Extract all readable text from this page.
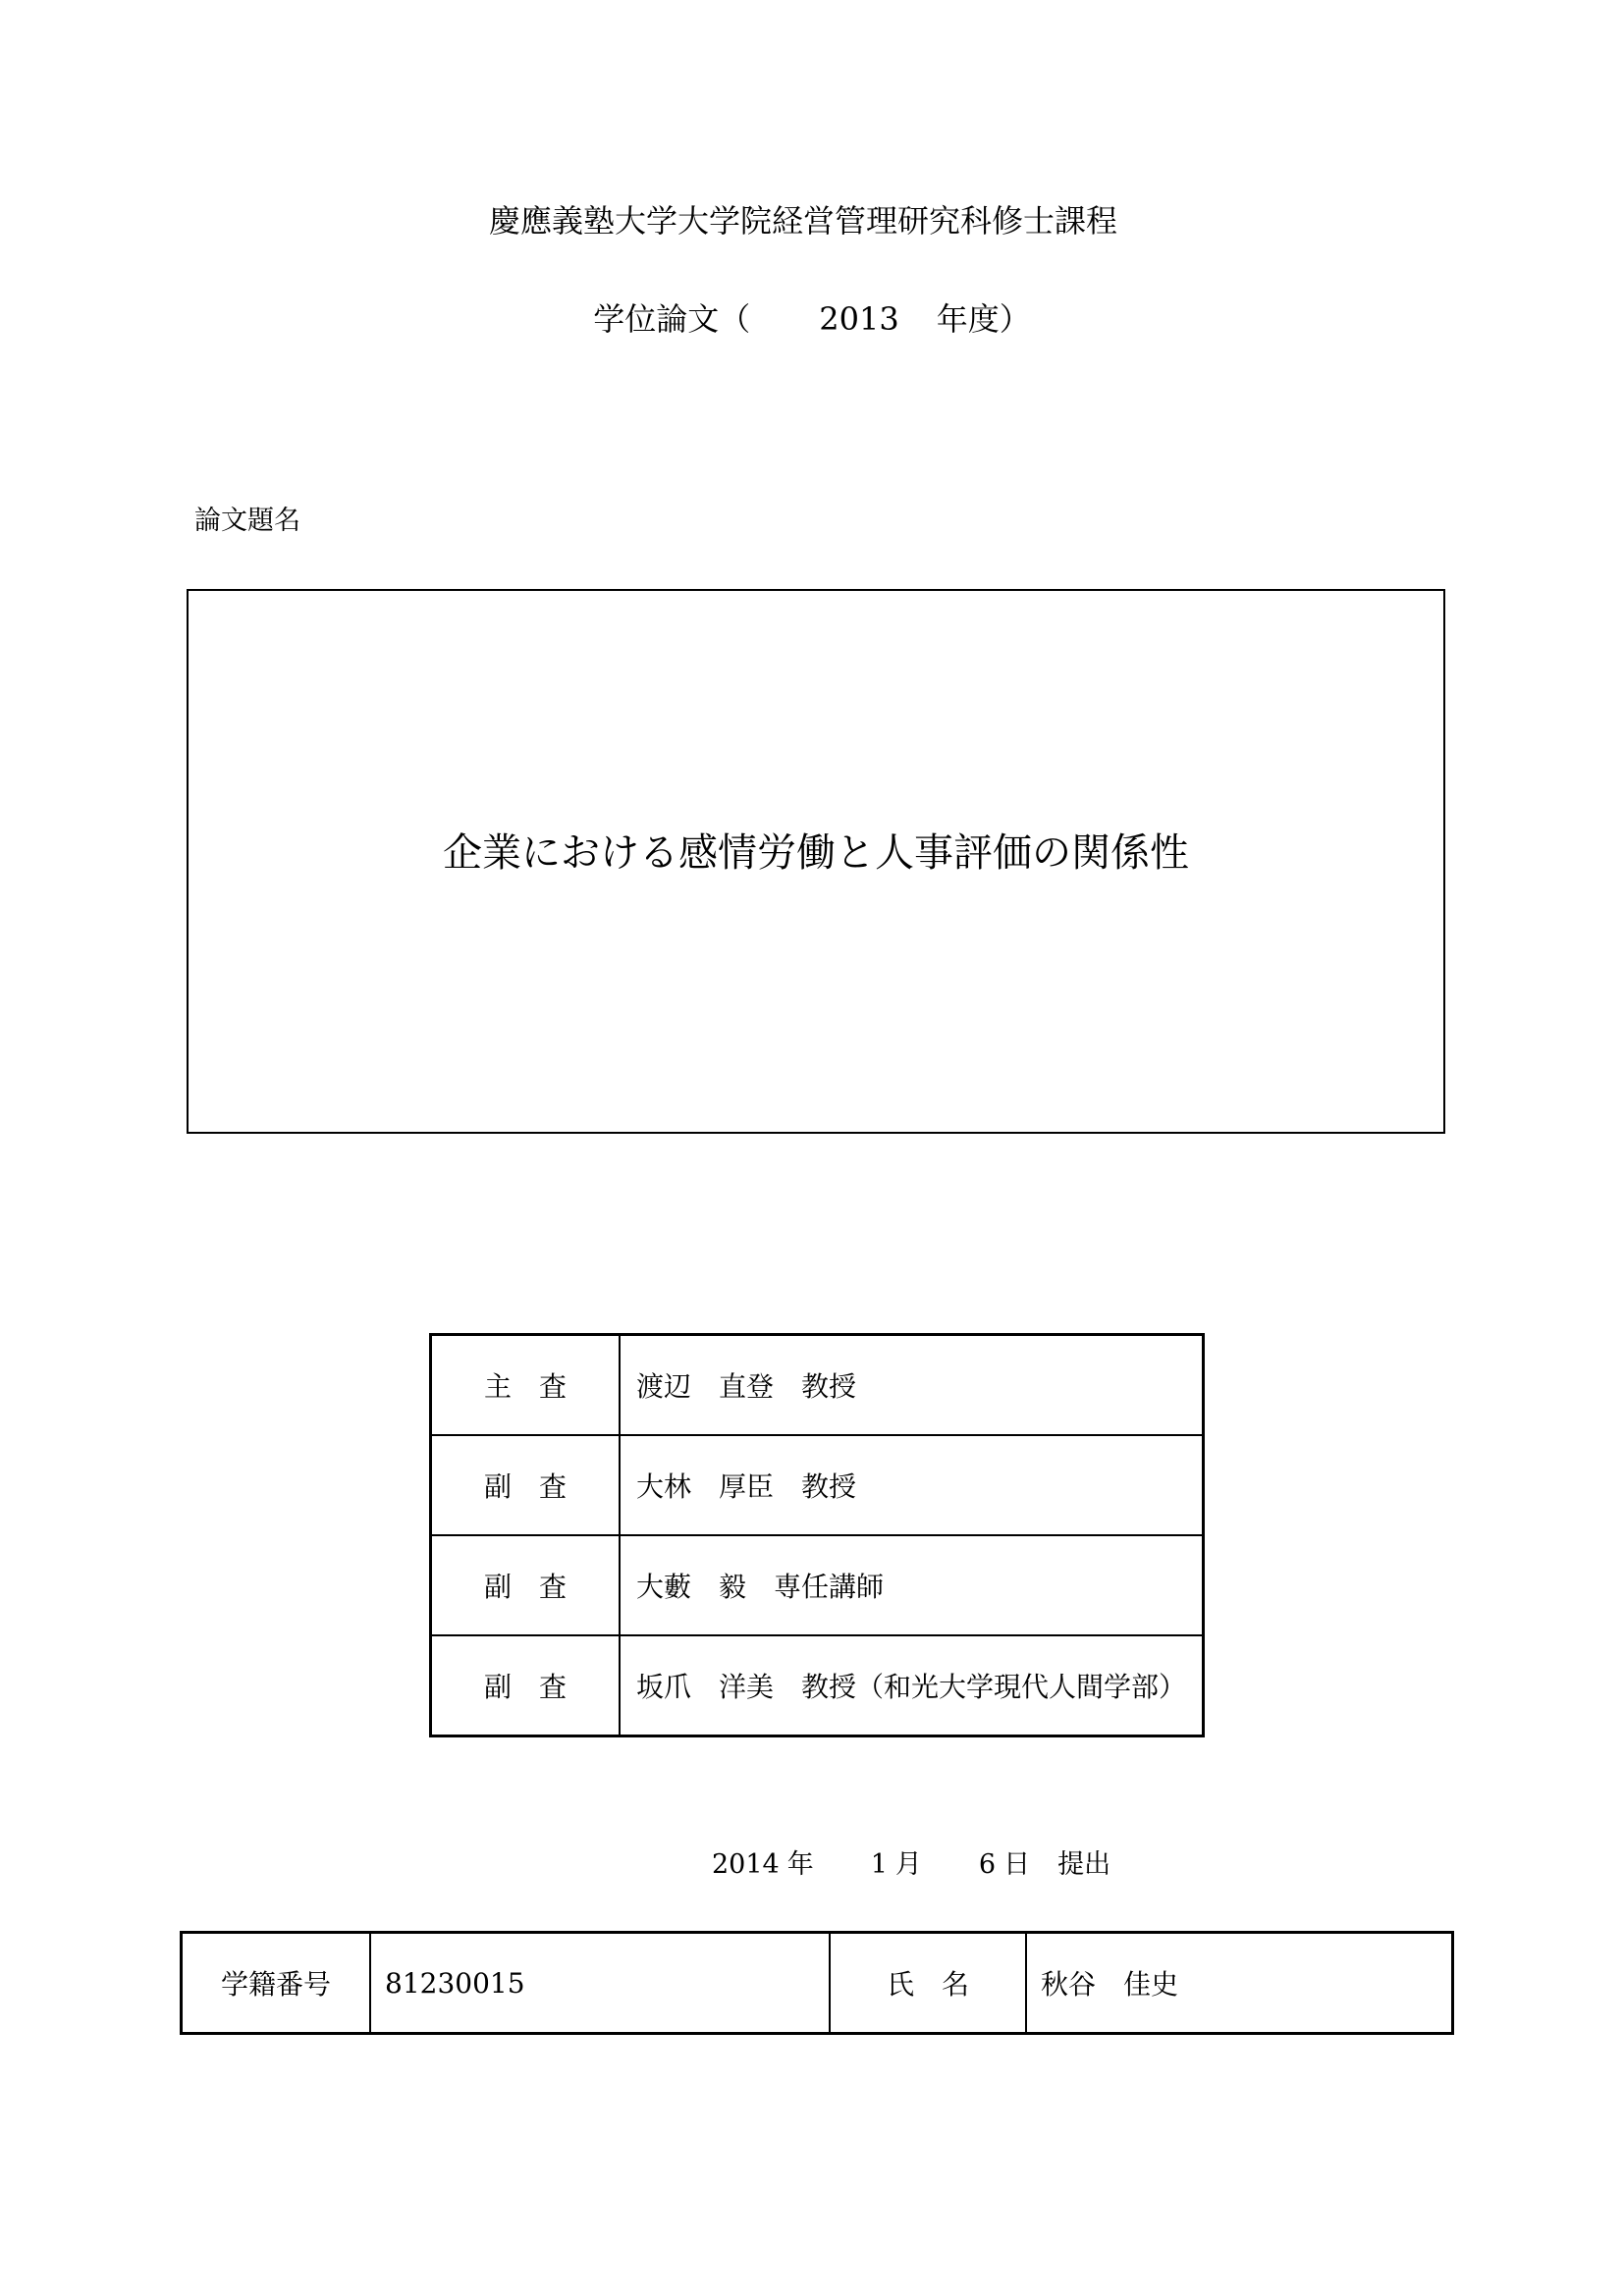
慶應義塾大学大学院経営管理研究科修士課程
学位論文（ 2013 年度）
論文題名
企業における感情労働と人事評価の関係性
主　査	渡辺　直登　教授
副　査	大林　厚臣　教授
副　査	大藪　毅　専任講師
副　査	坂爪　洋美　教授（和光大学現代人間学部）
2014 年 1 月 6 日 提出
学籍番号	81230015	氏　名	秋谷　佳史
